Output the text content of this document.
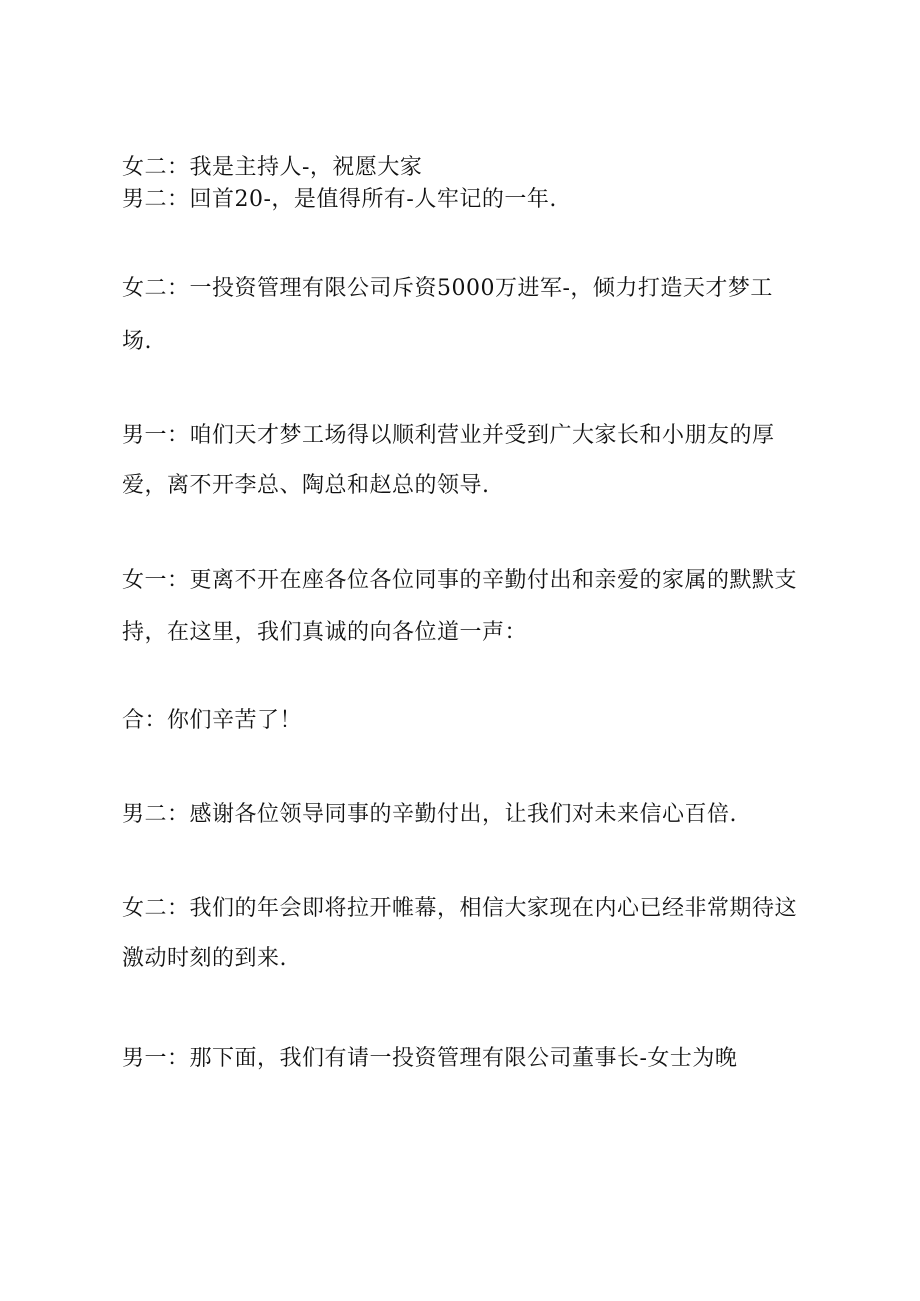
女二：我是主持人-，祝愿大家
男二：回首20-，是值得所有-人牢记的一年.
女二：一投资管理有限公司斥资5000万进军-，倾力打造天才梦工
场.
男一：咱们天才梦工场得以顺利营业并受到广大家长和小朋友的厚
爱，离不开李总、陶总和赵总的领导.
女一：更离不开在座各位各位同事的辛勤付出和亲爱的家属的默默支
持，在这里，我们真诚的向各位道一声：
合：你们辛苦了！
男二：感谢各位领导同事的辛勤付出，让我们对未来信心百倍.
女二：我们的年会即将拉开帷幕，相信大家现在内心已经非常期待这
激动时刻的到来.
男一：那下面，我们有请一投资管理有限公司董事长-女士为晚
